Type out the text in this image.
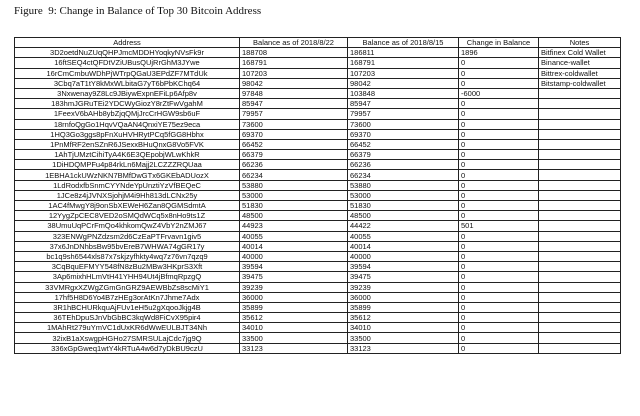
Figure 9: Change in Balance of Top 30 Bitcoin Address
Address	Balance as of 2018/8/22	Balance as of 2018/8/15	Change in Balance	Notes
3D2oetdNuZUqQHPJmcMDDHYoqkyNVsFk9r	188708	186811	1896	Bitfinex Cold Wallet
16ftSEQ4ctQFDtVZiUBusQUjRrGhM3JYwe	168791	168791	0	Binance-wallet
16rCmCmbuWDhPjWTrpQGaU3EPdZF7MTdUk	107203	107203	0	Bittrex-coldwallet
3Cbq7aT1tY8kMxWLbitaG7yT6bPbKChq64	98042	98042	0	Bitstamp-coldwallet
3Nxwenay9Z8Lc9JBiywExpnEFiLp6Afp8v	97848	103848	-6000	
183hmJGRuTEi2YDCWyGiozY8rZtFwVgahM	85947	85947	0	
1FeexV6bAHb8ybZjqQMjJrcCrHGW9sb6uF	79957	79957	0	
18rnfoQgGo1HqvVQaAN4QnxiYE75ez9eca	73600	73600	0	
1HQ3Go3ggs8pFnXuHVHRytPCq5fGG8Hbhx	69370	69370	0	
1PnMfRF2enSZnR6JSexxBHuQnxG8Vo5FVK	66452	66452	0	
1AhTjUMztCihiTyA4K6E3QEpobjWLwKhkR	66379	66379	0	
1DiHDQMPFu4p84rkLn6Majj2LCZZZRQUaa	66236	66236	0	
1EBHA1ckUWzNKN7BMfDwGTx6GKEbADUozX	66234	66234	0	
1LdRodxfbSnmCYYNdeYpUnztiYzVfBEQeC	53880	53880	0	
1JCe8z4jJVNXSjohjM4i9Hh813dLCNx25y	53000	53000	0	
1AC4fMwgY8j9onSbXEWeH6Zan8QGMSdmtA	51830	51830	0	
12YygZpCEC8VED2oSMQdWCq5x8nHo9ts1Z	48500	48500	0	
38UmuUqPCrFmQo4khkomQwZ4VbY2nZMJ67	44923	44422	501	
323ENWgPNZdzsm2d6CzEaPTFrvavn1giv5	40055	40055	0	
37x6JnDNhbsBw95bvEreB7WHWA74gGR17y	40014	40014	0	
bc1q9sh6544xls87x7skjzyfhkty4wq7z76vn7qzq9	40000	40000	0	
3CqBquEFMYY548fN8zBu2MBw3HKprS3Xft	39594	39594	0	
3Ap6mixhHLmVtH41YHH94Ut4jBfmqRpzgQ	39475	39475	0	
33VMRgxXZWgZGmGnGRZ9AEWBbZs8scMiY1	39239	39239	0	
17hf5H8D6Yo4B7zHEg3orAtKn7Jhme7Adx	36000	36000	0	
3R1hBCHURkquAjFUv1eH5u2gXqooJkjg4B	35899	35899	0	
36TEhDpuSJnVbGbBC3kqWd8FiCvX95pir4	35612	35612	0	
1MAhRt279uYmVC1dUxKR6dWwEULBJT34Nh	34010	34010	0	
32ixB1aXswgpHGHo27SMRSULajCdc7jg9Q	33500	33500	0	
336xGpGweq1wtY4kRTuA4w6d7yDkBU9czU	33123	33123	0	
